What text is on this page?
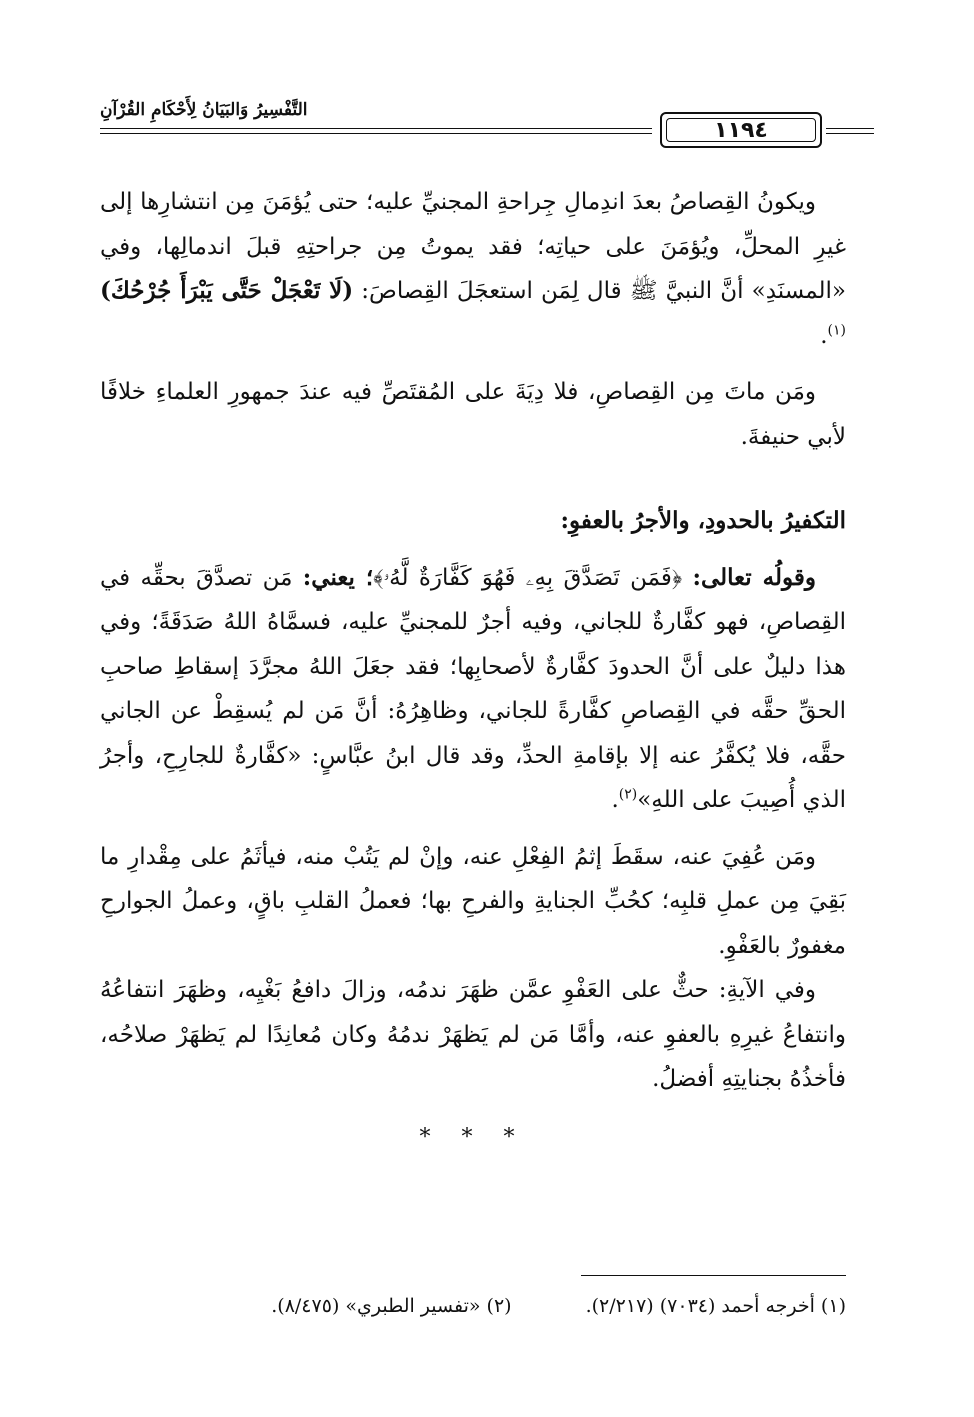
١١٩٤
التَّفْسِيرُ وَالبَيَانُ لِأَحْكَامِ القُرْآنِ

ويكونُ القِصاصُ بعدَ اندِمالِ جِراحةِ المجنيِّ عليه؛ حتى يُؤمَنَ مِن انتشارِها إلى غيرِ المحلِّ، ويُؤمَنَ على حياتِه؛ فقد يموتُ مِن جراحتِهِ قبلَ اندمالِها، وفي «المسنَدِ» أنَّ النبيَّ ﷺ قال لِمَن استعجَلَ القِصاصَ: (لَا تَعْجَلْ حَتَّى يَبْرَأَ جُرْحُكَ)$^{(١)}$.

ومَن ماتَ مِن القِصاصِ، فلا دِيَةَ على المُقتَصِّ فيه عندَ جمهورِ العلماءِ خلافًا لأبي حنيفةَ.

التكفيرُ بالحدودِ، والأجرُ بالعفوِ:

وقولُه تعالى: ﴿فَمَن تَصَدَّقَ بِهِۦ فَهُوَ كَفَّارَةٌ لَّهُۥ﴾؛ يعني: مَن تصدَّقَ بحقِّه في القِصاصِ، فهو كفَّارةٌ للجاني، وفيه أجرٌ للمجنيِّ عليه، فسمَّاهُ اللهُ صَدَقَةً؛ وفي هذا دليلٌ على أنَّ الحدودَ كفَّارةٌ لأصحابِها؛ فقد جعَلَ اللهُ مجرَّدَ إسقاطِ صاحبِ الحقِّ حقَّه في القِصاصِ كفَّارةً للجاني، وظاهِرُهُ: أنَّ مَن لم يُسقِطْ عن الجاني حقَّه، فلا يُكفَّرُ عنه إلا بإقامةِ الحدِّ، وقد قال ابنُ عبَّاسٍ: «كفَّارةٌ للجارِحِ، وأجرُ الذي أُصِيبَ على اللهِ»$^{(٢)}$.

ومَن عُفِيَ عنه، سقَطَ إثمُ الفِعْلِ عنه، وإنْ لم يَتُبْ منه، فيأثَمُ على مِقْدارِ ما بَقِيَ مِن عملِ قلبِه؛ كحُبِّ الجنايةِ والفرحِ بها؛ فعملُ القلبِ باقٍ، وعملُ الجوارحِ مغفورٌ بالعَفْوِ.

وفي الآيةِ: حثٌّ على العَفْوِ عمَّن ظهَرَ ندمُه، وزالَ دافعُ بَغْيِه، وظهَرَ انتفاعُهُ وانتفاعُ غيرِهِ بالعفوِ عنه، وأمَّا مَن لم يَظهَرْ ندمُهُ وكان مُعانِدًا لم يَظهَرْ صلاحُه، فأخذُهُ بجنايتِهِ أفضلُ.

* * *

(١) أخرجه أحمد (٧٠٣٤) (٢/٢١٧).(٢) «تفسير الطبري» (٨/٤٧٥).
